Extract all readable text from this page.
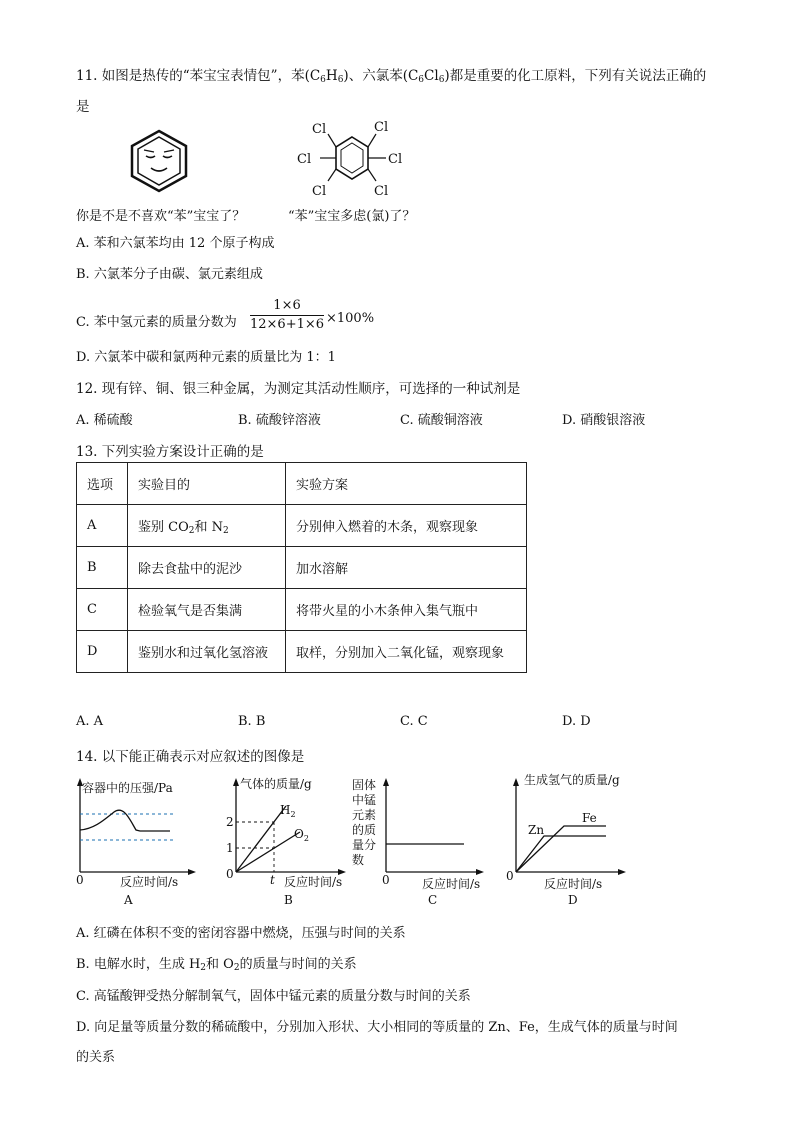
11. 如图是热传的“苯宝宝表情包”，苯$(C_6H_6)$、六氯苯$(C_6Cl_6)$都是重要的化工原料，下列有关说法正确的
是
Cl	Cl
Cl	Cl
Cl	Cl
你是不是不喜欢“苯”宝宝了？	“苯”宝宝多虑(氯)了？
A. 苯和六氯苯均由 12 个原子构成
B. 六氯苯分子由碳、氯元素组成
C. 苯中氢元素的质量分数为
1×6
12×6+1×6 ×100%
D. 六氯苯中碳和氯两种元素的质量比为 1：1
12. 现有锌、铜、银三种金属，为测定其活动性顺序，可选择的一种试剂是
A. 稀硫酸	B. 硫酸锌溶液	C. 硫酸铜溶液	D. 硝酸银溶液
13. 下列实验方案设计正确的是
选项	实验目的	实验方案
A	鉴别 $CO_2$和 $N_2$	分别伸入燃着的木条，观察现象
B	除去食盐中的泥沙	加水溶解
C	检验氧气是否集满	将带火星的小木条伸入集气瓶中
D	鉴别水和过氧化氢溶液	取样，分别加入二氧化锰，观察现象
A. A	B. B	C. C	D. D
14. 以下能正确表示对应叙述的图像是
容器中的压强/Pa
0	反应时间/s
A
气体的质量/g
2
1
$H_2$
$O_2$
0	t 反应时间/s
B
固体
中锰
元素
的质
量分
数
0	反应时间/s
C
生成氢气的质量/g
Zn
Fe
0
反应时间/s
D
A. 红磷在体积不变的密闭容器中燃烧，压强与时间的关系
B. 电解水时，生成 $H_2$和 $O_2$的质量与时间的关系
C. 高锰酸钾受热分解制氧气，固体中锰元素的质量分数与时间的关系
D. 向足量等质量分数的稀硫酸中，分别加入形状、大小相同的等质量的 Zn、Fe，生成气体的质量与时间
的关系
